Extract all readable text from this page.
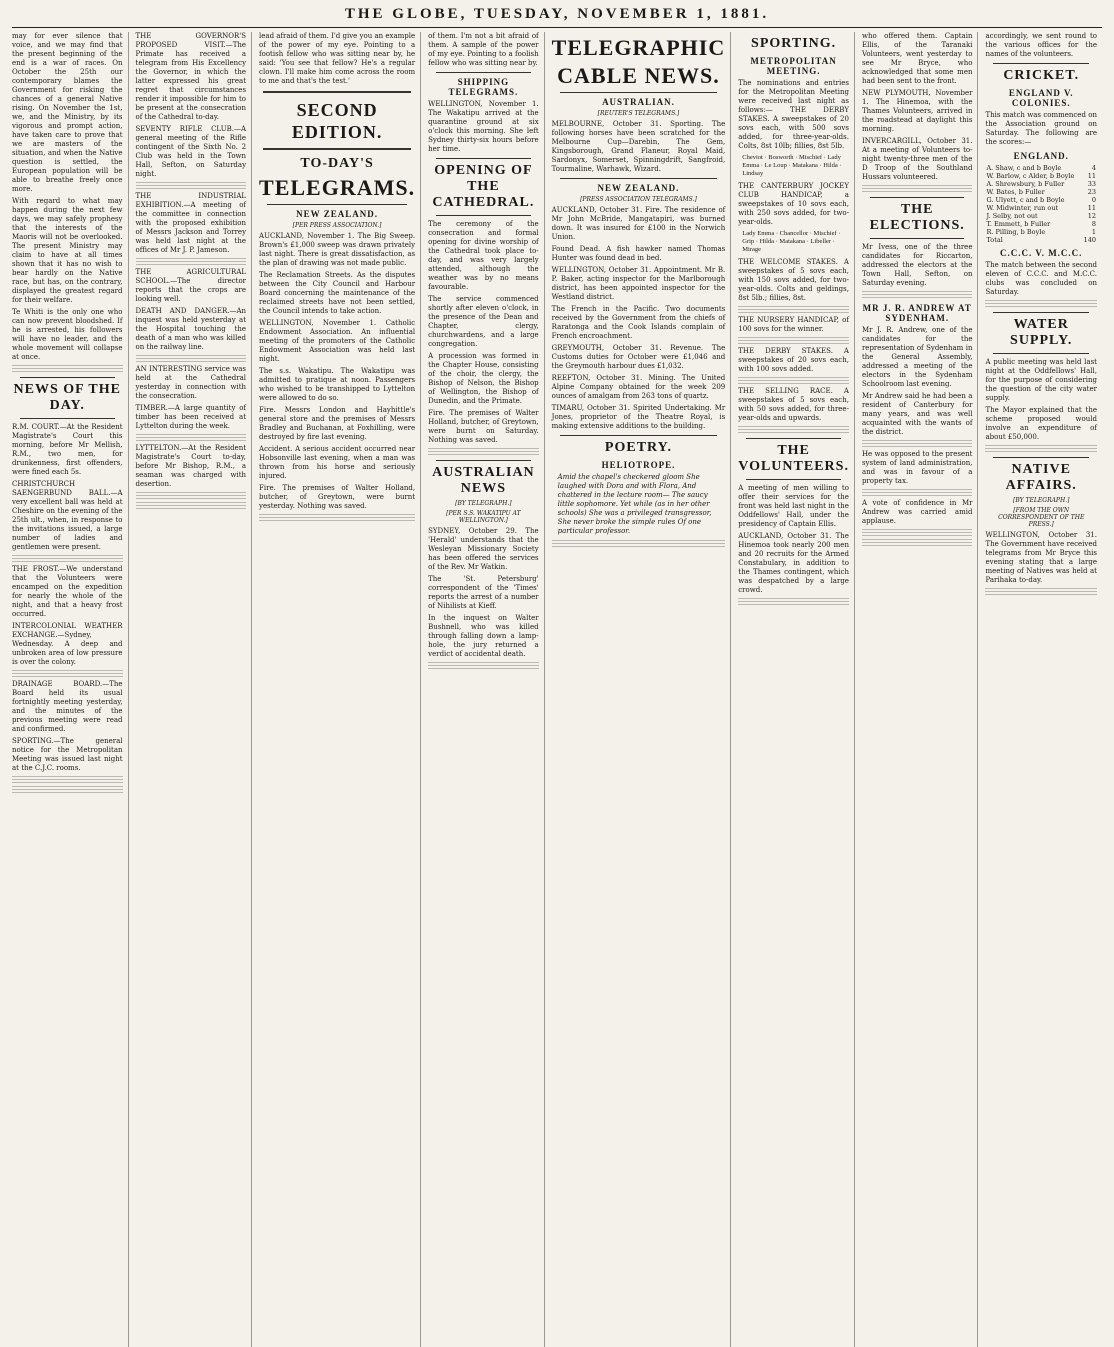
THE GLOBE, TUESDAY, NOVEMBER 1, 1881.

may for ever silence that voice, and we may find that the present beginning of the end is a war of races. On October the 25th our contemporary blames the Government for risking the chances of a general Native rising. On November the 1st, we, and the Ministry, by its vigorous and prompt action, have taken care to prove that we are masters of the situation, and when the Native question is settled, the European population will be able to breathe freely once more.

With regard to what may happen during the next few days, we may safely prophesy that the interests of the Maoris will not be overlooked. The present Ministry may claim to have at all times shown that it has no wish to bear hardly on the Native race, but has, on the contrary, displayed the greatest regard for their welfare.

Te Whiti is the only one who can now prevent bloodshed. If he is arrested, his followers will have no leader, and the whole movement will collapse at once.

NEWS OF THE DAY.

R.M. COURT.—At the Resident Magistrate's Court this morning, before Mr Mellish, R.M., two men, for drunkenness, first offenders, were fined each 5s.

CHRISTCHURCH SAENGERBUND BALL.—A very excellent ball was held at Cheshire on the evening of the 25th ult., when, in response to the invitations issued, a large number of ladies and gentlemen were present.

THE FROST.—We understand that the Volunteers were encamped on the expedition for nearly the whole of the night, and that a heavy frost occurred.

INTERCOLONIAL WEATHER EXCHANGE.—Sydney, Wednesday. A deep and unbroken area of low pressure is over the colony.

DRAINAGE BOARD.—The Board held its usual fortnightly meeting yesterday, and the minutes of the previous meeting were read and confirmed.

SPORTING.—The general notice for the Metropolitan Meeting was issued last night at the C.J.C. rooms.

THE GOVERNOR'S PROPOSED VISIT.—The Primate has received a telegram from His Excellency the Governor, in which the latter expressed his great regret that circumstances render it impossible for him to be present at the consecration of the Cathedral to-day.

SEVENTY RIFLE CLUB.—A general meeting of the Rifle contingent of the Sixth No. 2 Club was held in the Town Hall, Sefton, on Saturday night.

THE INDUSTRIAL EXHIBITION.—A meeting of the committee in connection with the proposed exhibition of Messrs Jackson and Torrey was held last night at the offices of Mr J. P. Jameson.

THE AGRICULTURAL SCHOOL.—The director reports that the crops are looking well.

DEATH AND DANGER.—An inquest was held yesterday at the Hospital touching the death of a man who was killed on the railway line.

AN INTERESTING service was held at the Cathedral yesterday in connection with the consecration.

TIMBER.—A large quantity of timber has been received at Lyttelton during the week.

LYTTELTON.—At the Resident Magistrate's Court to-day, before Mr Bishop, R.M., a seaman was charged with desertion.

lead afraid of them. I'd give you an example of the power of my eye. Pointing to a footish fellow who was sitting near by, he said: 'You see that fellow? He's a regular clown. I'll make him come across the room to me and that's the test.'

SECOND EDITION.
TO-DAY'S
TELEGRAMS.
NEW ZEALAND.
[PER PRESS ASSOCIATION.]

AUCKLAND, November 1. The Big Sweep. Brown's £1,000 sweep was drawn privately last night. There is great dissatisfaction, as the plan of drawing was not made public.

The Reclamation Streets. As the disputes between the City Council and Harbour Board concerning the maintenance of the reclaimed streets have not been settled, the Council intends to take action.

WELLINGTON, November 1. Catholic Endowment Association. An influential meeting of the promoters of the Catholic Endowment Association was held last night.

The s.s. Wakatipu. The Wakatipu was admitted to pratique at noon. Passengers who wished to be transhipped to Lyttelton were allowed to do so.

Fire. Messrs London and Hayhittle's general store and the premises of Messrs Bradley and Buchanan, at Foxhilling, were destroyed by fire last evening.

Accident. A serious accident occurred near Hobsonville last evening, when a man was thrown from his horse and seriously injured.

Fire. The premises of Walter Holland, butcher, of Greytown, were burnt yesterday. Nothing was saved.

of them. I'm not a bit afraid of them. A sample of the power of my eye. Pointing to a foolish fellow who was sitting near by.

SHIPPING TELEGRAMS.

WELLINGTON, November 1. The Wakatipu arrived at the quarantine ground at six o'clock this morning. She left Sydney thirty-six hours before her time.

OPENING OF THE CATHEDRAL.

The ceremony of the consecration and formal opening for divine worship of the Cathedral took place to-day, and was very largely attended, although the weather was by no means favourable.

The service commenced shortly after eleven o'clock, in the presence of the Dean and Chapter, clergy, churchwardens, and a large congregation.

A procession was formed in the Chapter House, consisting of the choir, the clergy, the Bishop of Nelson, the Bishop of Wellington, the Bishop of Dunedin, and the Primate.

Fire. The premises of Walter Holland, butcher, of Greytown, were burnt on Saturday. Nothing was saved.

AUSTRALIAN NEWS
[BY TELEGRAPH.]
[PER S.S. WAKATIPU AT WELLINGTON.]

SYDNEY, October 29. The 'Herald' understands that the Wesleyan Missionary Society has been offered the services of the Rev. Mr Watkin.

The 'St. Petersburg' correspondent of the 'Times' reports the arrest of a number of Nihilists at Kieff.

In the inquest on Walter Bushnell, who was killed through falling down a lamp-hole, the jury returned a verdict of accidental death.

TELEGRAPHIC
CABLE NEWS.
AUSTRALIAN.
[REUTER'S TELEGRAMS.]

MELBOURNE, October 31. Sporting. The following horses have been scratched for the Melbourne Cup—Darebin, The Gem, Kingsborough, Grand Flaneur, Royal Maid, Sardonyx, Somerset, Spinningdrift, Sangfroid, Tourmaline, Warhawk, Wizard.

NEW ZEALAND.
[PRESS ASSOCIATION TELEGRAMS.]

AUCKLAND, October 31. Fire. The residence of Mr John McBride, Mangatapiri, was burned down. It was insured for £100 in the Norwich Union.

Found Dead. A fish hawker named Thomas Hunter was found dead in bed.

WELLINGTON, October 31. Appointment. Mr B. P. Baker, acting inspector for the Marlborough district, has been appointed inspector for the Westland district.

The French in the Pacific. Two documents received by the Government from the chiefs of Raratonga and the Cook Islands complain of French encroachment.

GREYMOUTH, October 31. Revenue. The Customs duties for October were £1,046 and the Greymouth harbour dues £1,032.

REEFTON, October 31. Mining. The United Alpine Company obtained for the week 209 ounces of amalgam from 263 tons of quartz.

TIMARU, October 31. Spirited Undertaking. Mr Jones, proprietor of the Theatre Royal, is making extensive additions to the building.

POETRY.
HELIOTROPE.

Amid the chapel's checkered gloom She laughed with Dora and with Flora, And chattered in the lecture room— The saucy little sophomore. Yet while (as in her other schools) She was a privileged transgressor, She never broke the simple rules Of one particular professor.

SPORTING.
METROPOLITAN MEETING.

The nominations and entries for the Metropolitan Meeting were received last night as follows:— THE DERBY STAKES. A sweepstakes of 20 sovs each, with 500 sovs added, for three-year-olds. Colts, 8st 10lb; fillies, 8st 5lb.

Cheviot · Bosworth · Mischief · Lady Emma · Le Loup · Matakana · Hilda · Lindsay

THE CANTERBURY JOCKEY CLUB HANDICAP, a sweepstakes of 10 sovs each, with 250 sovs added, for two-year-olds.

Lady Emma · Chancellor · Mischief · Grip · Hilda · Matakana · Libeller · Mirage

THE WELCOME STAKES. A sweepstakes of 5 sovs each, with 150 sovs added, for two-year-olds. Colts and geldings, 8st 5lb.; fillies, 8st.

THE NURSERY HANDICAP, of 100 sovs for the winner.

THE DERBY STAKES. A sweepstakes of 20 sovs each, with 100 sovs added.

THE SELLING RACE. A sweepstakes of 5 sovs each, with 50 sovs added, for three-year-olds and upwards.

THE VOLUNTEERS.

A meeting of men willing to offer their services for the front was held last night in the Oddfellows' Hall, under the presidency of Captain Ellis.

AUCKLAND, October 31. The Hinemoa took nearly 200 men and 20 recruits for the Armed Constabulary, in addition to the Thames contingent, which was despatched by a large crowd.

who offered them. Captain Ellis, of the Taranaki Volunteers, went yesterday to see Mr Bryce, who acknowledged that some men had been sent to the front.

NEW PLYMOUTH, November 1. The Hinemoa, with the Thames Volunteers, arrived in the roadstead at daylight this morning.

INVERCARGILL, October 31. At a meeting of Volunteers to-night twenty-three men of the D Troop of the Southland Hussars volunteered.

THE ELECTIONS.

Mr Ivess, one of the three candidates for Riccarton, addressed the electors at the Town Hall, Sefton, on Saturday evening.

MR J. R. ANDREW AT SYDENHAM.

Mr J. R. Andrew, one of the candidates for the representation of Sydenham in the General Assembly, addressed a meeting of the electors in the Sydenham Schoolroom last evening.

Mr Andrew said he had been a resident of Canterbury for many years, and was well acquainted with the wants of the district.

He was opposed to the present system of land administration, and was in favour of a property tax.

A vote of confidence in Mr Andrew was carried amid applause.

accordingly, we sent round to the various offices for the names of the volunteers.

CRICKET.
ENGLAND V. COLONIES.

This match was commenced on the Association ground on Saturday. The following are the scores:—

ENGLAND.
A. Shaw, c and b Boyle	4
W. Barlow, c Alder, b Boyle	11
A. Shrewsbury, b Fuller	33
W. Bates, b Fuller	23
G. Ulyett, c and b Boyle	0
W. Midwinter, run out	11
J. Selby, not out	12
T. Emmett, b Fuller	8
R. Pilling, b Boyle	1
Total	140
C.C.C. V. M.C.C.

The match between the second eleven of C.C.C. and M.C.C. clubs was concluded on Saturday.

WATER SUPPLY.

A public meeting was held last night at the Oddfellows' Hall, for the purpose of considering the question of the city water supply.

The Mayor explained that the scheme proposed would involve an expenditure of about £50,000.

NATIVE AFFAIRS.
[BY TELEGRAPH.]
[FROM THE OWN CORRESPONDENT OF THE PRESS.]

WELLINGTON, October 31. The Government have received telegrams from Mr Bryce this evening stating that a large meeting of Natives was held at Parihaka to-day.
